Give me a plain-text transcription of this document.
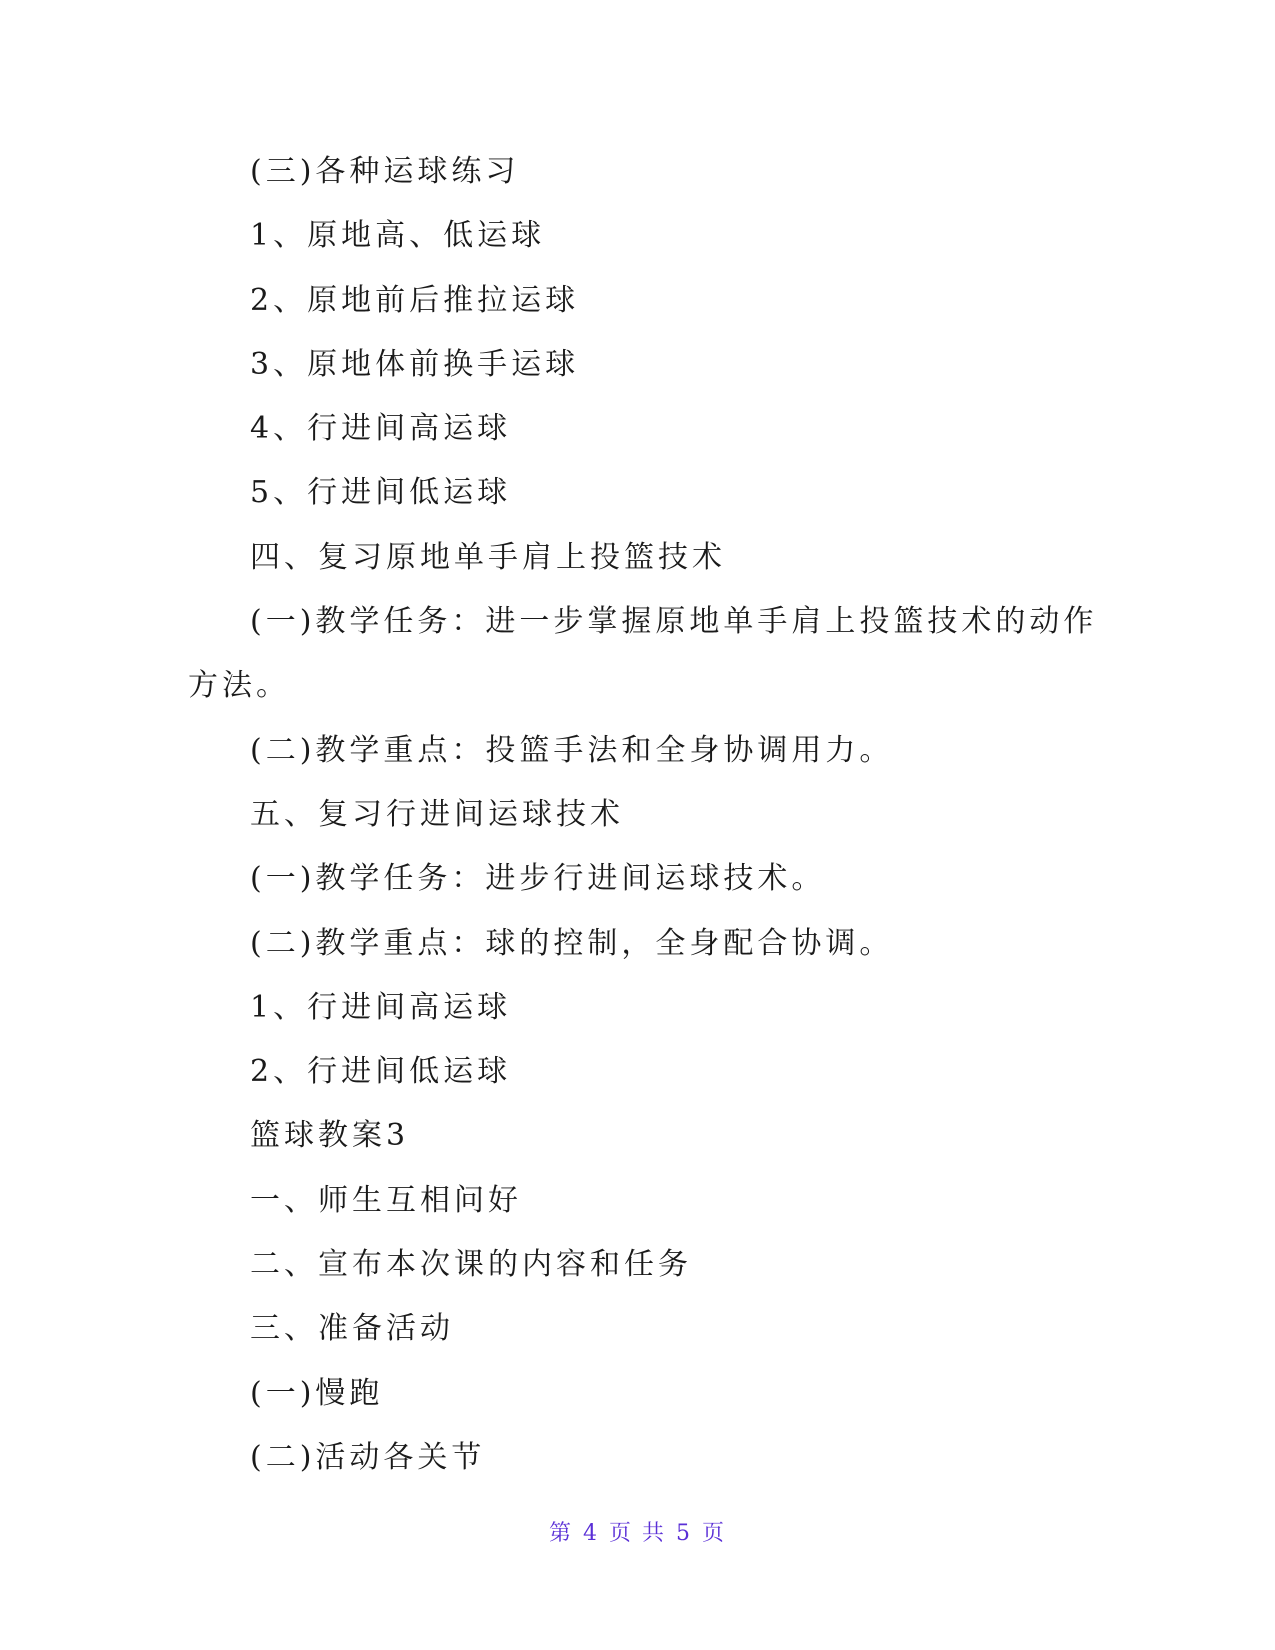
(三)各种运球练习
1、原地高、低运球
2、原地前后推拉运球
3、原地体前换手运球
4、行进间高运球
5、行进间低运球
四、复习原地单手肩上投篮技术
(一)教学任务：进一步掌握原地单手肩上投篮技术的动作
方法。
(二)教学重点：投篮手法和全身协调用力。
五、复习行进间运球技术
(一)教学任务：进步行进间运球技术。
(二)教学重点：球的控制，全身配合协调。
1、行进间高运球
2、行进间低运球
篮球教案3
一、师生互相问好
二、宣布本次课的内容和任务
三、准备活动
(一)慢跑
(二)活动各关节
第 4 页 共 5 页
